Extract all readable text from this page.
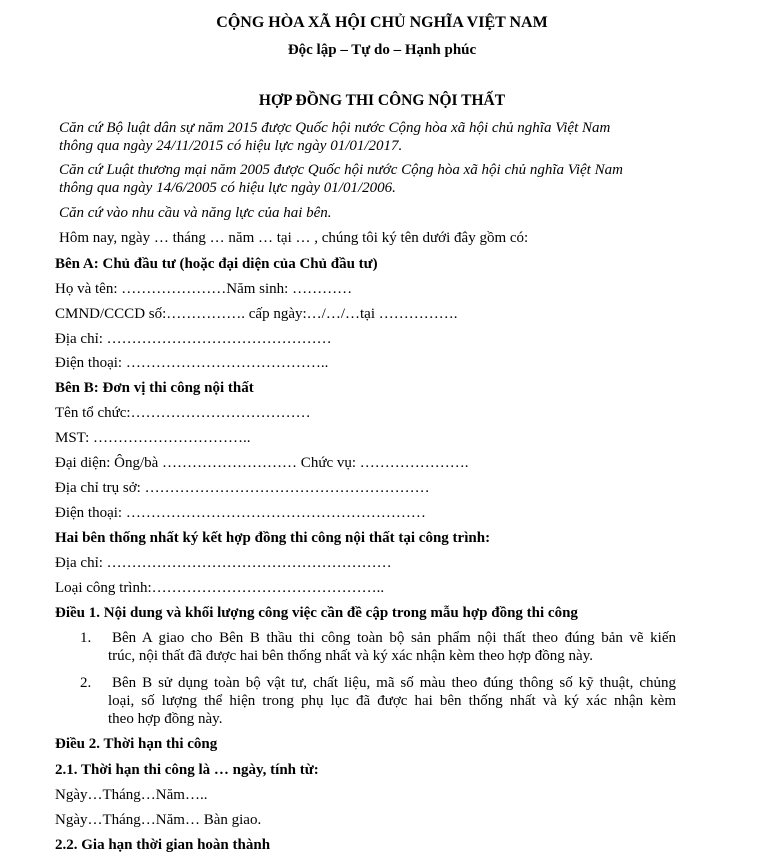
CỘNG HÒA XÃ HỘI CHỦ NGHĨA VIỆT NAM
Độc lập – Tự do – Hạnh phúc
HỢP ĐỒNG THI CÔNG NỘI THẤT
Căn cứ Bộ luật dân sự năm 2015 được Quốc hội nước Cộng hòa xã hội chủ nghĩa Việt Nam
thông qua ngày 24/11/2015 có hiệu lực ngày 01/01/2017.
Căn cứ Luật thương mại năm 2005 được Quốc hội nước Cộng hòa xã hội chủ nghĩa Việt Nam
thông qua ngày 14/6/2005 có hiệu lực ngày 01/01/2006.
Căn cứ vào nhu cầu và năng lực của hai bên.
Hôm nay, ngày … tháng … năm … tại … , chúng tôi ký tên dưới đây gồm có:
Bên A: Chủ đầu tư (hoặc đại diện của Chủ đầu tư)
Họ và tên: …………………Năm sinh: …………
CMND/CCCD số:……………. cấp ngày:…/…/…tại …………….
Địa chỉ: ………………………………………
Điện thoại: …………………………………..
Bên B: Đơn vị thi công nội thất
Tên tổ chức:………………………………
MST: …………………………..
Đại diện: Ông/bà ……………………… Chức vụ: ………………….
Địa chỉ trụ sở: …………………………………………………
Điện thoại: ……………………………………………………
Hai bên thống nhất ký kết hợp đồng thi công nội thất tại công trình:
Địa chỉ: …………………………………………………
Loại công trình:………………………………………..
Điều 1. Nội dung và khối lượng công việc cần đề cập trong mẫu hợp đồng thi công
1. Bên A giao cho Bên B thầu thi công toàn bộ sản phẩm nội thất theo đúng bản vẽ kiến
trúc, nội thất đã được hai bên thống nhất và ký xác nhận kèm theo hợp đồng này.
2. Bên B sử dụng toàn bộ vật tư, chất liệu, mã số màu theo đúng thông số kỹ thuật, chủng
loại, số lượng thể hiện trong phụ lục đã được hai bên thống nhất và ký xác nhận kèm
theo hợp đồng này.
Điều 2. Thời hạn thi công
2.1. Thời hạn thi công là … ngày, tính từ:
Ngày…Tháng…Năm…..
Ngày…Tháng…Năm… Bàn giao.
2.2. Gia hạn thời gian hoàn thành
